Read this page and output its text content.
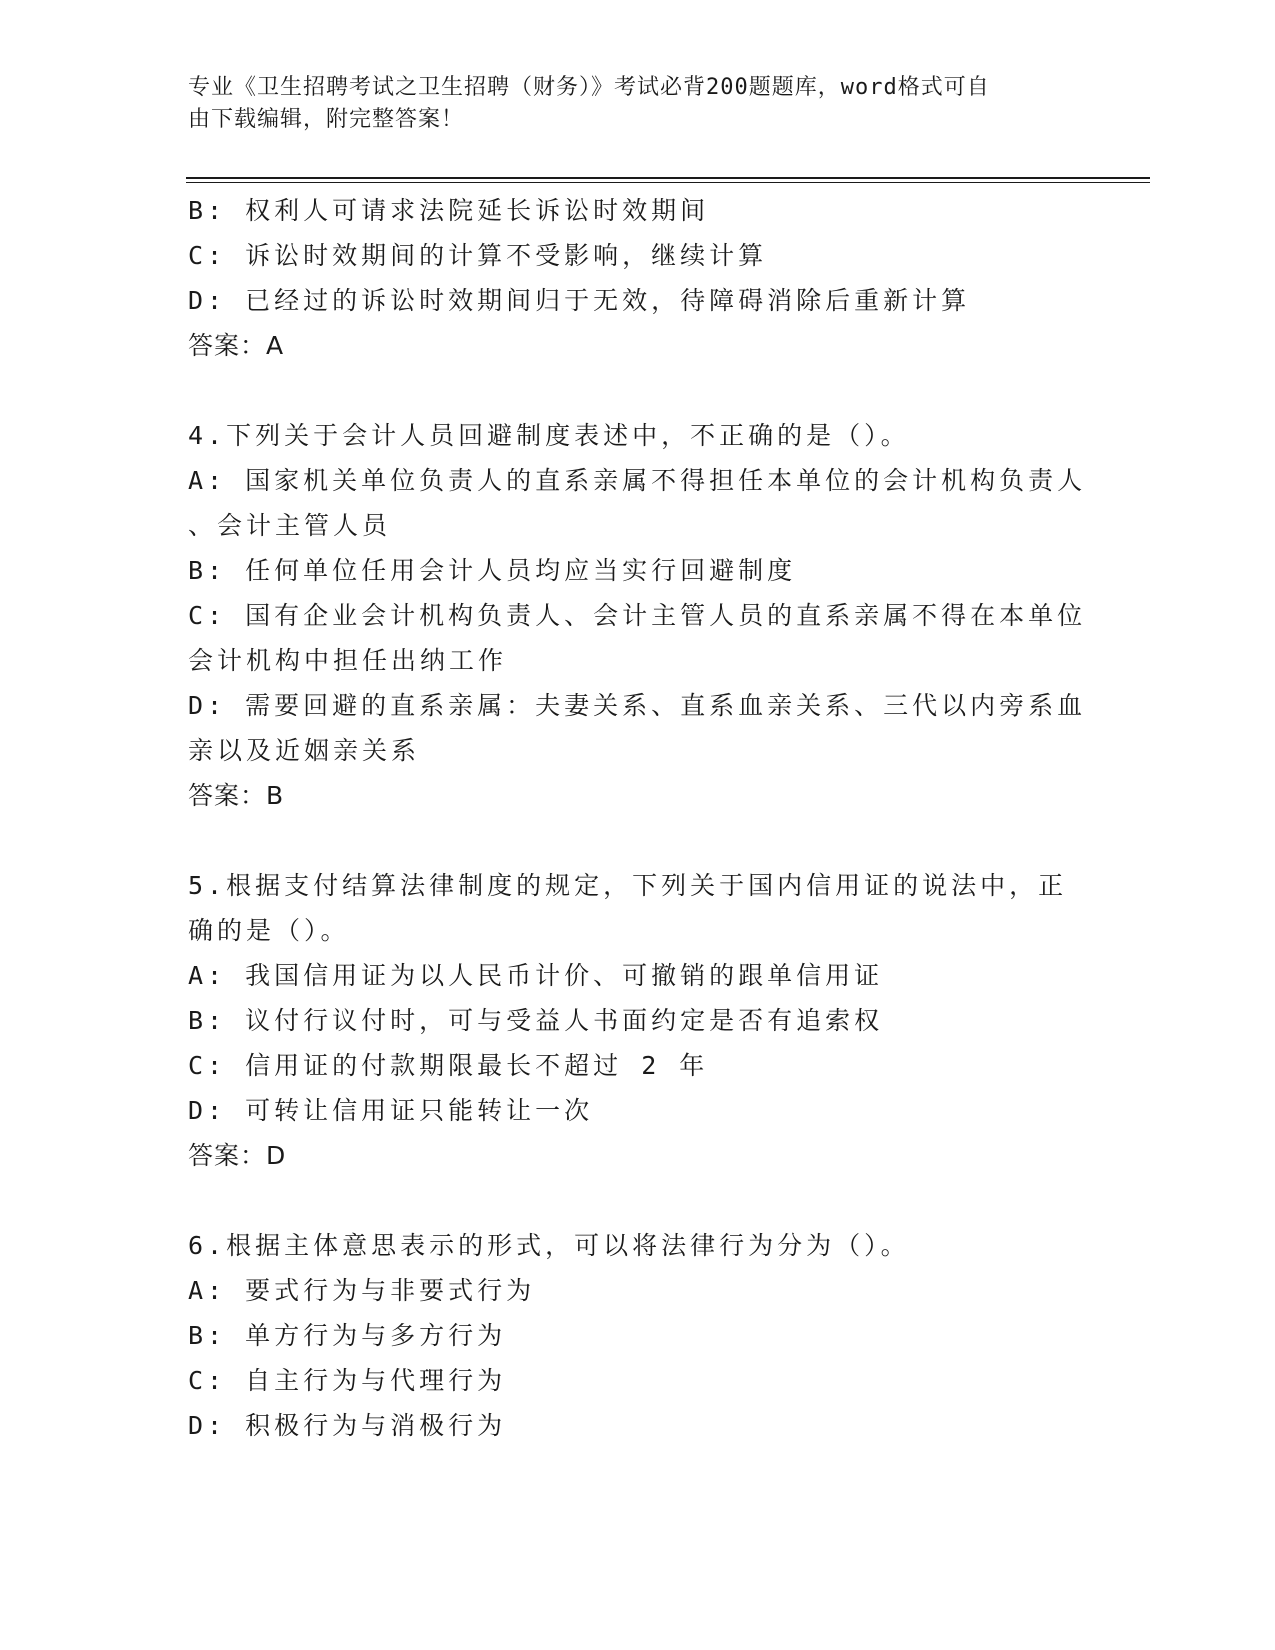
专业《卫生招聘考试之卫生招聘（财务）》考试必背200题题库，word格式可自
由下载编辑，附完整答案！
B: 权利人可请求法院延长诉讼时效期间
C: 诉讼时效期间的计算不受影响，继续计算
D: 已经过的诉讼时效期间归于无效，待障碍消除后重新计算
答案：A
4.下列关于会计人员回避制度表述中，不正确的是（）。
A: 国家机关单位负责人的直系亲属不得担任本单位的会计机构负责人
、会计主管人员
B: 任何单位任用会计人员均应当实行回避制度
C: 国有企业会计机构负责人、会计主管人员的直系亲属不得在本单位
会计机构中担任出纳工作
D: 需要回避的直系亲属：夫妻关系、直系血亲关系、三代以内旁系血
亲以及近姻亲关系
答案：B
5.根据支付结算法律制度的规定，下列关于国内信用证的说法中，正
确的是（）。
A: 我国信用证为以人民币计价、可撤销的跟单信用证
B: 议付行议付时，可与受益人书面约定是否有追索权
C: 信用证的付款期限最长不超过 2 年
D: 可转让信用证只能转让一次
答案：D
6.根据主体意思表示的形式，可以将法律行为分为（）。
A: 要式行为与非要式行为
B: 单方行为与多方行为
C: 自主行为与代理行为
D: 积极行为与消极行为
